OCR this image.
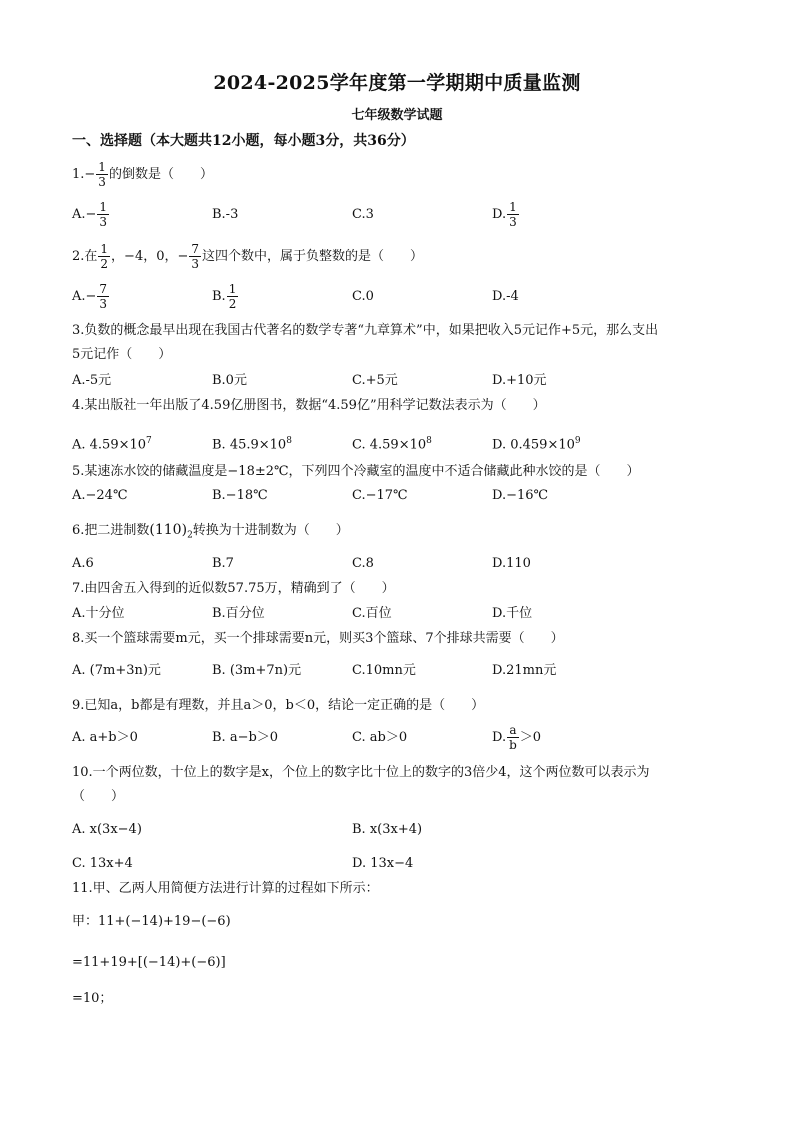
2024-2025学年度第一学期期中质量监测
七年级数学试题
一、选择题（本大题共12小题，每小题3分，共36分）
$1.- \frac{1}{3}$ 的倒数是（　　）
$A.- \frac{1}{3}$	B.-3	C.3	D. $\frac{1}{3}$
2.在 $\frac{1}{2}$ ，−4，0，− $\frac{7}{3}$ 这四个数中，属于负整数的是（　　）
$A.- \frac{7}{3}$	B. $\frac{1}{2}$	C.0	D.-4
3.负数的概念最早出现在我国古代著名的数学专著“九章算术”中，如果把收入5元记作+5元，那么支出
5元记作（　　）
A.-5元	B.0元	C.+5元	D.+10元
4.某出版社一年出版了4.59亿册图书，数据“4.59亿”用科学记数法表示为（　　）
A. $4.59\times 10^7$	B. $45.9\times 10^8$	C. $4.59\times 10^8$	D. $0.459\times 10^9$
5.某速冻水饺的储藏温度是−18±2℃，下列四个冷藏室的温度中不适合储藏此种水饺的是（　　）
A.−24℃	B.−18℃	C.−17℃	D.−16℃
6.把二进制数$(110)_2$转换为十进制数为（　　）
A.6	B.7	C.8	D.110
7.由四舍五入得到的近似数57.75万，精确到了（　　）
A.十分位	B.百分位	C.百位	D.千位
8.买一个篮球需要m元，买一个排球需要n元，则买3个篮球、7个排球共需要（　　）
A. (7m+3n)元	B. (3m+7n)元	C.10mn元	D.21mn元
9.已知a，b都是有理数，并且a＞0，b＜0，结论一定正确的是（　　）
A. a+b＞0	B. a−b＞0	C. ab＞0	D. $\frac{a}{b} >0$
10.一个两位数，十位上的数字是x，个位上的数字比十位上的数字的3倍少4，这个两位数可以表示为
（　　）
A. x(3x−4)	B. x(3x+4)
C. 13x+4	D. 13x−4
11.甲、乙两人用简便方法进行计算的过程如下所示：
甲：11+(−14)+19−(−6)
=11+19+[(−14)+(−6)]
=10；
